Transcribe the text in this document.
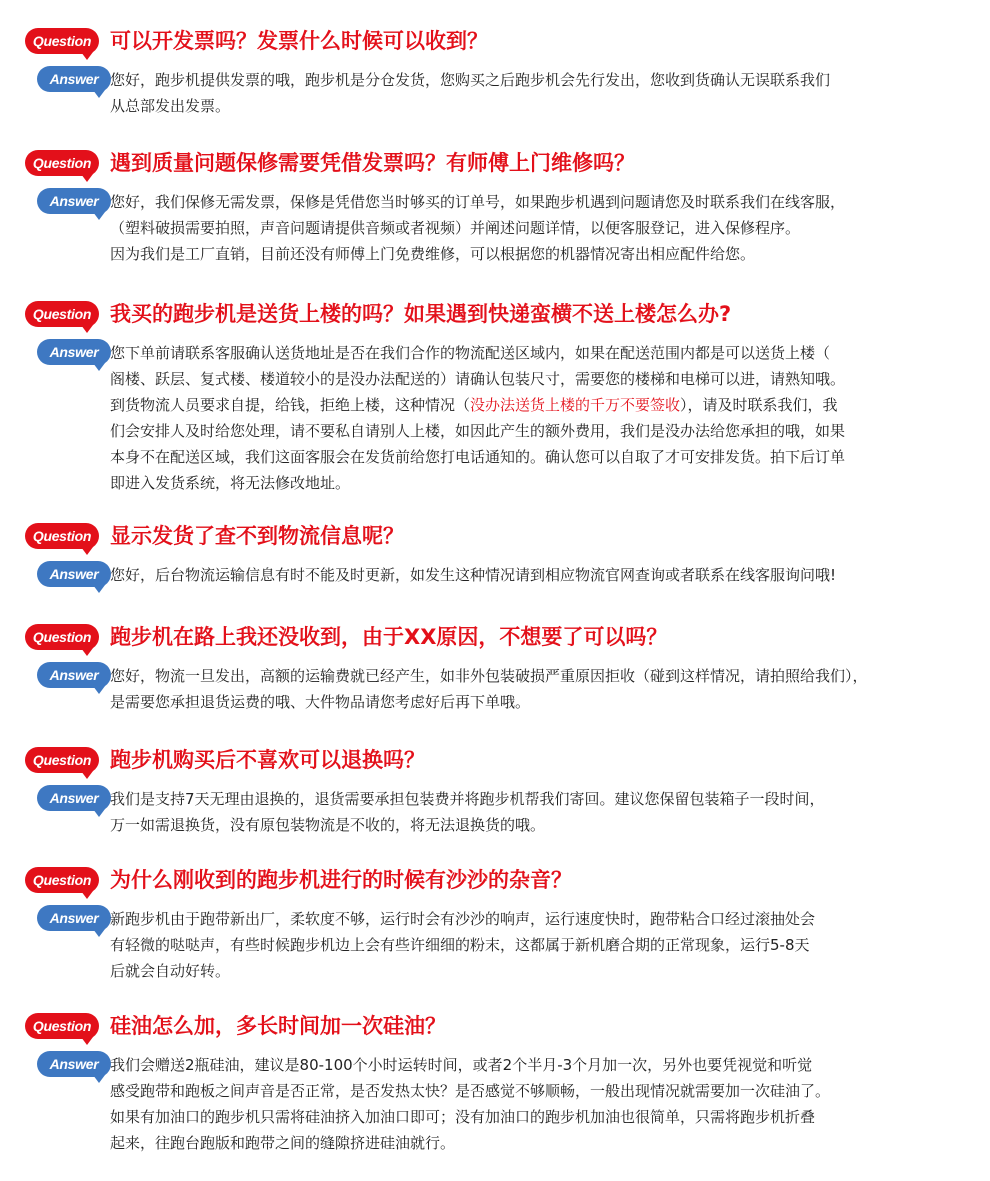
Question 可以开发票吗？发票什么时候可以收到？
Answer 您好，跑步机提供发票的哦，跑步机是分仓发货，您购买之后跑步机会先行发出，您收到货确认无误联系我们
从总部发出发票。
Question 遇到质量问题保修需要凭借发票吗？有师傅上门维修吗？
Answer 您好，我们保修无需发票，保修是凭借您当时够买的订单号，如果跑步机遇到问题请您及时联系我们在线客服，
（塑料破损需要拍照，声音问题请提供音频或者视频）并阐述问题详情，以便客服登记，进入保修程序。
因为我们是工厂直销，目前还没有师傅上门免费维修，可以根据您的机器情况寄出相应配件给您。
Question 我买的跑步机是送货上楼的吗？如果遇到快递蛮横不送上楼怎么办?
Answer 您下单前请联系客服确认送货地址是否在我们合作的物流配送区域内，如果在配送范围内都是可以送货上楼（
阁楼、跃层、复式楼、楼道较小的是没办法配送的）请确认包装尺寸，需要您的楼梯和电梯可以进，请熟知哦。
到货物流人员要求自提，给钱，拒绝上楼，这种情况（没办法送货上楼的千万不要签收），请及时联系我们，我
们会安排人及时给您处理，请不要私自请别人上楼，如因此产生的额外费用，我们是没办法给您承担的哦，如果
本身不在配送区域，我们这面客服会在发货前给您打电话通知的。确认您可以自取了才可安排发货。拍下后订单
即进入发货系统，将无法修改地址。
Question 显示发货了查不到物流信息呢？
Answer 您好，后台物流运输信息有时不能及时更新，如发生这种情况请到相应物流官网查询或者联系在线客服询问哦!
Question 跑步机在路上我还没收到，由于XX原因，不想要了可以吗？
Answer 您好，物流一旦发出，高额的运输费就已经产生，如非外包装破损严重原因拒收（碰到这样情况，请拍照给我们），
是需要您承担退货运费的哦、大件物品请您考虑好后再下单哦。
Question 跑步机购买后不喜欢可以退换吗？
Answer 我们是支持7天无理由退换的，退货需要承担包装费并将跑步机帮我们寄回。建议您保留包装箱子一段时间，
万一如需退换货，没有原包装物流是不收的，将无法退换货的哦。
Question 为什么刚收到的跑步机进行的时候有沙沙的杂音？
Answer 新跑步机由于跑带新出厂，柔软度不够，运行时会有沙沙的响声，运行速度快时，跑带粘合口经过滚抽处会
有轻微的哒哒声，有些时候跑步机边上会有些许细细的粉末，这都属于新机磨合期的正常现象，运行5-8天
后就会自动好转。
Question 硅油怎么加，多长时间加一次硅油？
Answer 我们会赠送2瓶硅油，建议是80-100个小时运转时间，或者2个半月-3个月加一次，另外也要凭视觉和听觉
感受跑带和跑板之间声音是否正常，是否发热太快？是否感觉不够顺畅，一般出现情况就需要加一次硅油了。
如果有加油口的跑步机只需将硅油挤入加油口即可；没有加油口的跑步机加油也很简单，只需将跑步机折叠
起来，往跑台跑版和跑带之间的缝隙挤进硅油就行。
